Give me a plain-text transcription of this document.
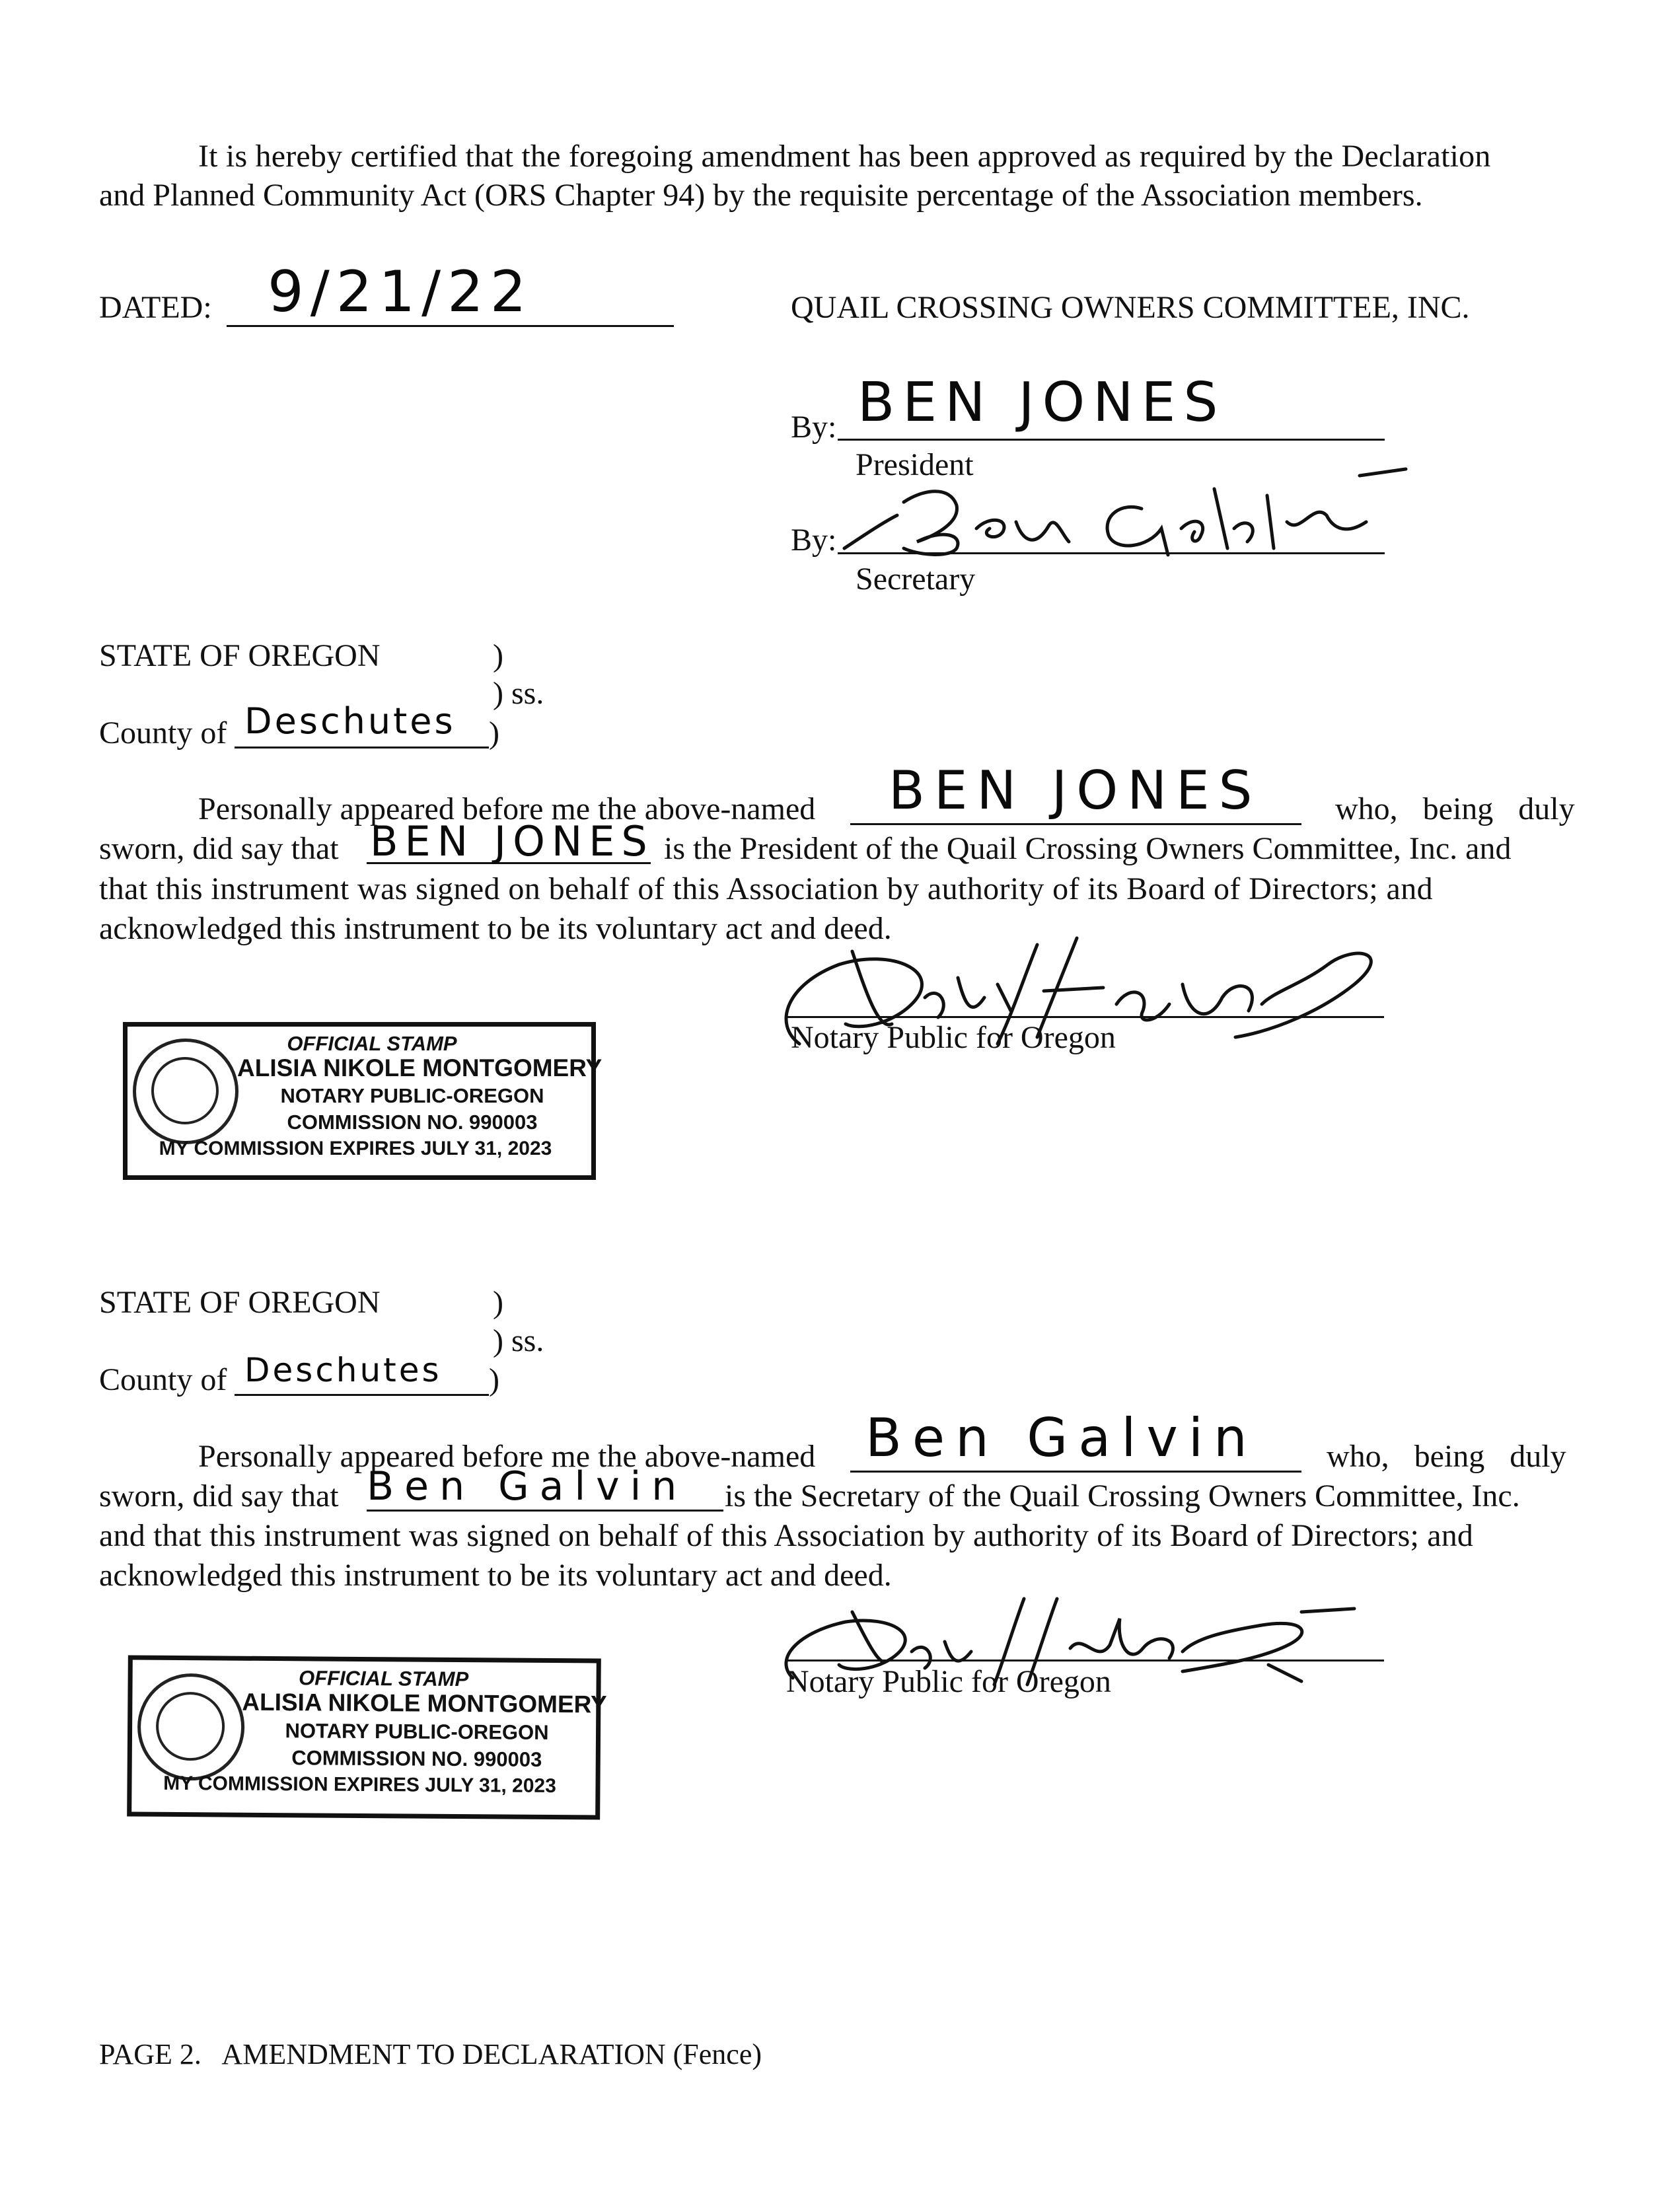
It is hereby certified that the foregoing amendment has been approved as required by the Declaration
and Planned Community Act (ORS Chapter 94) by the requisite percentage of the Association members.
DATED: 9/21/22	QUAIL CROSSING OWNERS COMMITTEE, INC.
By: BEN JONES
President
By:
Secretary
STATE OF OREGON	)
) ss.
County of Deschutes )
Personally appeared before me the above-named BEN JONES who, being duly
sworn, did say that BEN JONES is the President of the Quail Crossing Owners Committee, Inc. and
that this instrument was signed on behalf of this Association by authority of its Board of Directors; and
acknowledged this instrument to be its voluntary act and deed.
Notary Public for Oregon
OFFICIAL STAMP
ALISIA NIKOLE MONTGOMERY
NOTARY PUBLIC-OREGON
COMMISSION NO. 990003
MY COMMISSION EXPIRES JULY 31, 2023
STATE OF OREGON	)
) ss.
County of Deschutes )
Personally appeared before me the above-named Ben Galvin who, being duly
sworn, did say that Ben Galvin is the Secretary of the Quail Crossing Owners Committee, Inc.
and that this instrument was signed on behalf of this Association by authority of its Board of Directors; and
acknowledged this instrument to be its voluntary act and deed.
Notary Public for Oregon
OFFICIAL STAMP
ALISIA NIKOLE MONTGOMERY
NOTARY PUBLIC-OREGON
COMMISSION NO. 990003
MY COMMISSION EXPIRES JULY 31, 2023
PAGE 2.   AMENDMENT TO DECLARATION (Fence)
